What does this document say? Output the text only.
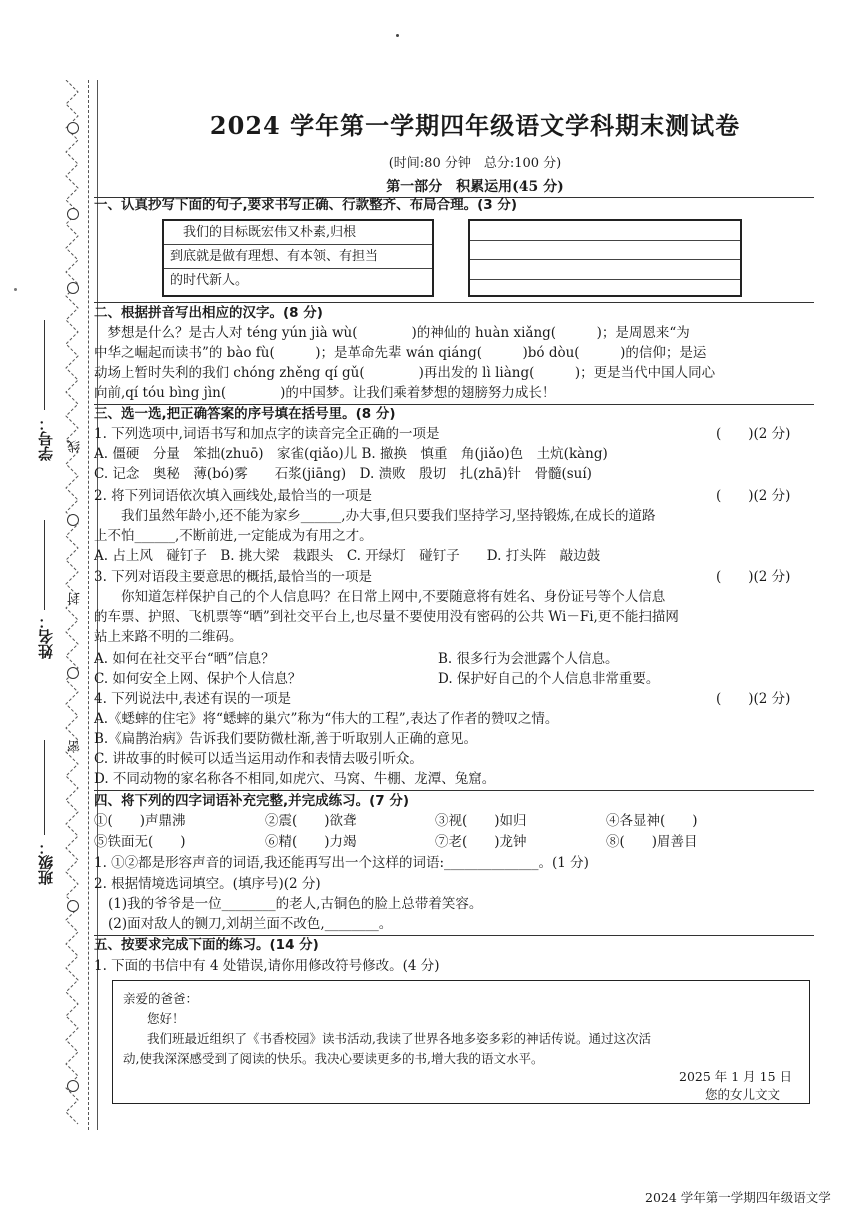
学号：
姓名：
班级：
线
封
密
2024 学年第一学期四年级语文学科期末测试卷
(时间:80 分钟　总分:100 分)
第一部分　积累运用(45 分)
一、认真抄写下面的句子,要求书写正确、行款整齐、布局合理。(3 分)
　我们的目标既宏伟又朴素,归根
到底就是做有理想、有本领、有担当
的时代新人。
二、根据拼音写出相应的汉字。(8 分)
　梦想是什么？是古人对 téng yún jià wù(　　　　)的神仙的 huàn xiǎng(　　　)；是周恩来“为
中华之崛起而读书”的 bào fù(　　　)；是革命先辈 wán qiáng(　　　)bó dòu(　　　)的信仰；是运
动场上暂时失利的我们 chóng zhěng qí gǔ(　　　　)再出发的 lì liàng(　　　)；更是当代中国人同心
向前,qí tóu bìng jìn(　　　　)的中国梦。让我们乘着梦想的翅膀努力成长！
三、选一选,把正确答案的序号填在括号里。(8 分)
1. 下列选项中,词语书写和加点字的读音完全正确的一项是	(　　)(2 分)
A. 僵硬　分量　笨拙(zhuō)　家雀(qiǎo)儿 B. 撤换　慎重　角(jiǎo)色　土炕(kàng)
C. 记念　奥秘　薄(bó)雾　　石浆(jiāng)　D. 溃败　殷切　扎(zhā)针　骨髓(suí)
2. 将下列词语依次填入画线处,最恰当的一项是	(　　)(2 分)
　　我们虽然年龄小,还不能为家乡______,办大事,但只要我们坚持学习,坚持锻炼,在成长的道路
上不怕______,不断前进,一定能成为有用之才。
A. 占上风　碰钉子　B. 挑大梁　栽跟头　C. 开绿灯　碰钉子　　D. 打头阵　敲边鼓
3. 下列对语段主要意思的概括,最恰当的一项是	(　　)(2 分)
　　你知道怎样保护自己的个人信息吗？在日常上网中,不要随意将有姓名、身份证号等个人信息
的车票、护照、飞机票等“晒”到社交平台上,也尽量不要使用没有密码的公共 Wi－Fi,更不能扫描网
站上来路不明的二维码。
A. 如何在社交平台“晒”信息？	B. 很多行为会泄露个人信息。
C. 如何安全上网、保护个人信息？	D. 保护好自己的个人信息非常重要。
4. 下列说法中,表述有误的一项是	(　　)(2 分)
A.《蟋蟀的住宅》将“蟋蟀的巢穴”称为“伟大的工程”,表达了作者的赞叹之情。
B.《扁鹊治病》告诉我们要防微杜渐,善于听取别人正确的意见。
C. 讲故事的时候可以适当运用动作和表情去吸引听众。
D. 不同动物的家名称各不相同,如虎穴、马窝、牛棚、龙潭、兔窟。
四、将下列的四字词语补充完整,并完成练习。(7 分)
①(　　)声鼎沸	②震(　　)欲聋	③视(　　)如归	④各显神(　　)
⑤铁面无(　　)	⑥精(　　)力竭	⑦老(　　)龙钟	⑧(　　)眉善目
1. ①②都是形容声音的词语,我还能再写出一个这样的词语:______________。(1 分)
2. 根据情境选词填空。(填序号)(2 分)
(1)我的爷爷是一位________的老人,古铜色的脸上总带着笑容。
(2)面对敌人的铡刀,刘胡兰面不改色,________。
五、按要求完成下面的练习。(14 分)
1. 下面的书信中有 4 处错误,请你用修改符号修改。(4 分)
亲爱的爸爸：
您好！
我们班最近组织了《书香校园》读书活动,我读了世界各地多姿多彩的神话传说。通过这次活
动,使我深深感受到了阅读的快乐。我决心要读更多的书,增大我的语文水平。
2025 年 1 月 15 日
您的女儿文文
2024 学年第一学期四年级语文学
